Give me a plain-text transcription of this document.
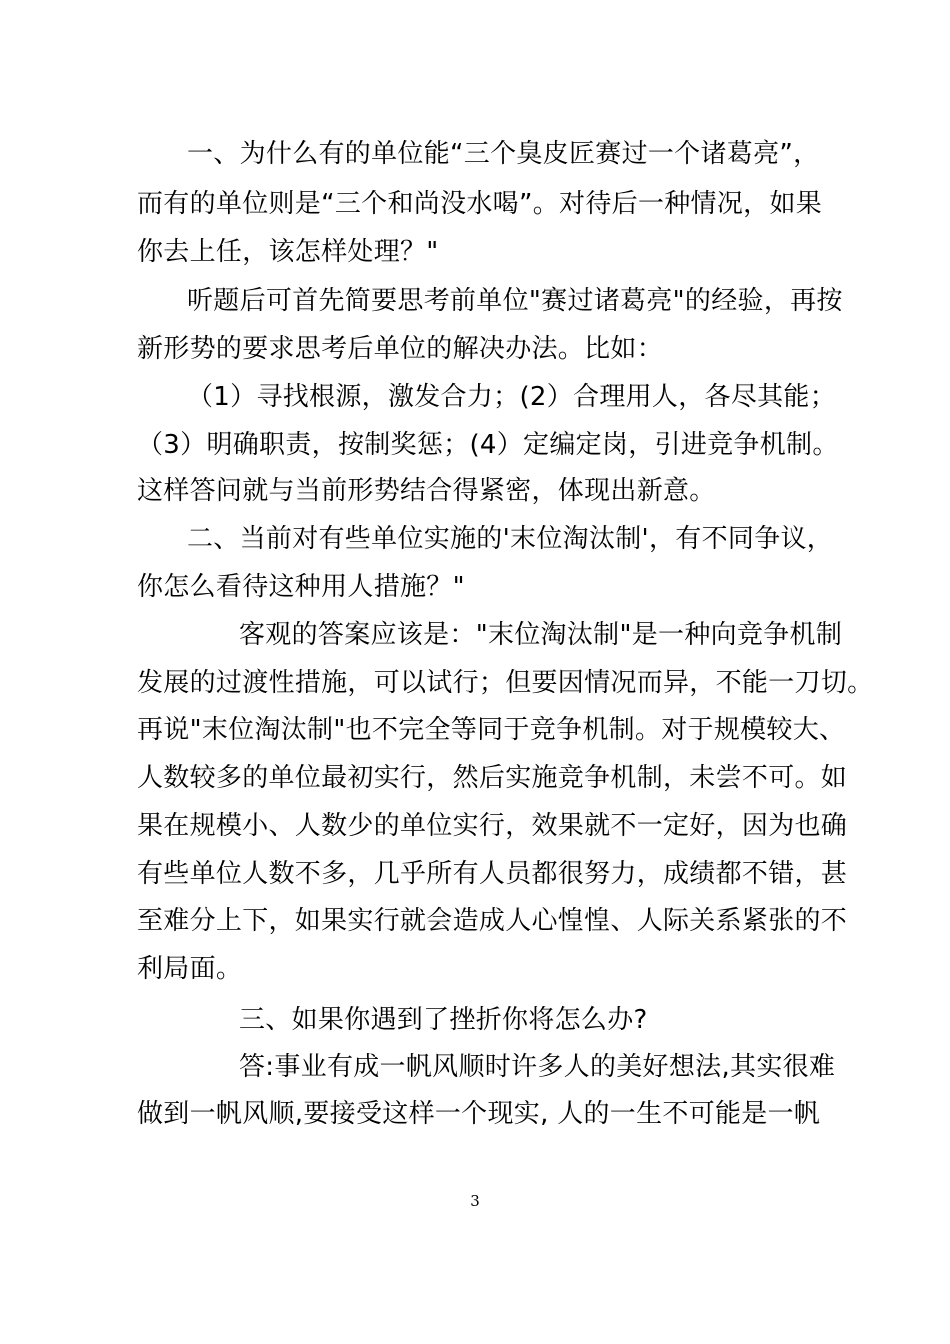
一、为什么有的单位能“三个臭皮匠赛过一个诸葛亮”，
而有的单位则是“三个和尚没水喝”。对待后一种情况，如果
你去上任，该怎样处理？"
听题后可首先简要思考前单位"赛过诸葛亮"的经验，再按
新形势的要求思考后单位的解决办法。比如：
（1）寻找根源，激发合力；(2）合理用人，各尽其能；
（3）明确职责，按制奖惩；(4）定编定岗，引进竞争机制。
这样答问就与当前形势结合得紧密，体现出新意。
二、当前对有些单位实施的'末位淘汰制'，有不同争议，
你怎么看待这种用人措施？"
客观的答案应该是："末位淘汰制"是一种向竞争机制
发展的过渡性措施，可以试行；但要因情况而异，不能一刀切。
再说"末位淘汰制"也不完全等同于竞争机制。对于规模较大、
人数较多的单位最初实行，然后实施竞争机制，未尝不可。如
果在规模小、人数少的单位实行，效果就不一定好，因为也确
有些单位人数不多，几乎所有人员都很努力，成绩都不错，甚
至难分上下，如果实行就会造成人心惶惶、人际关系紧张的不
利局面。
三、如果你遇到了挫折你将怎么办?
答:事业有成一帆风顺时许多人的美好想法,其实很难
做到一帆风顺,要接受这样一个现实, 人的一生不可能是一帆
3
